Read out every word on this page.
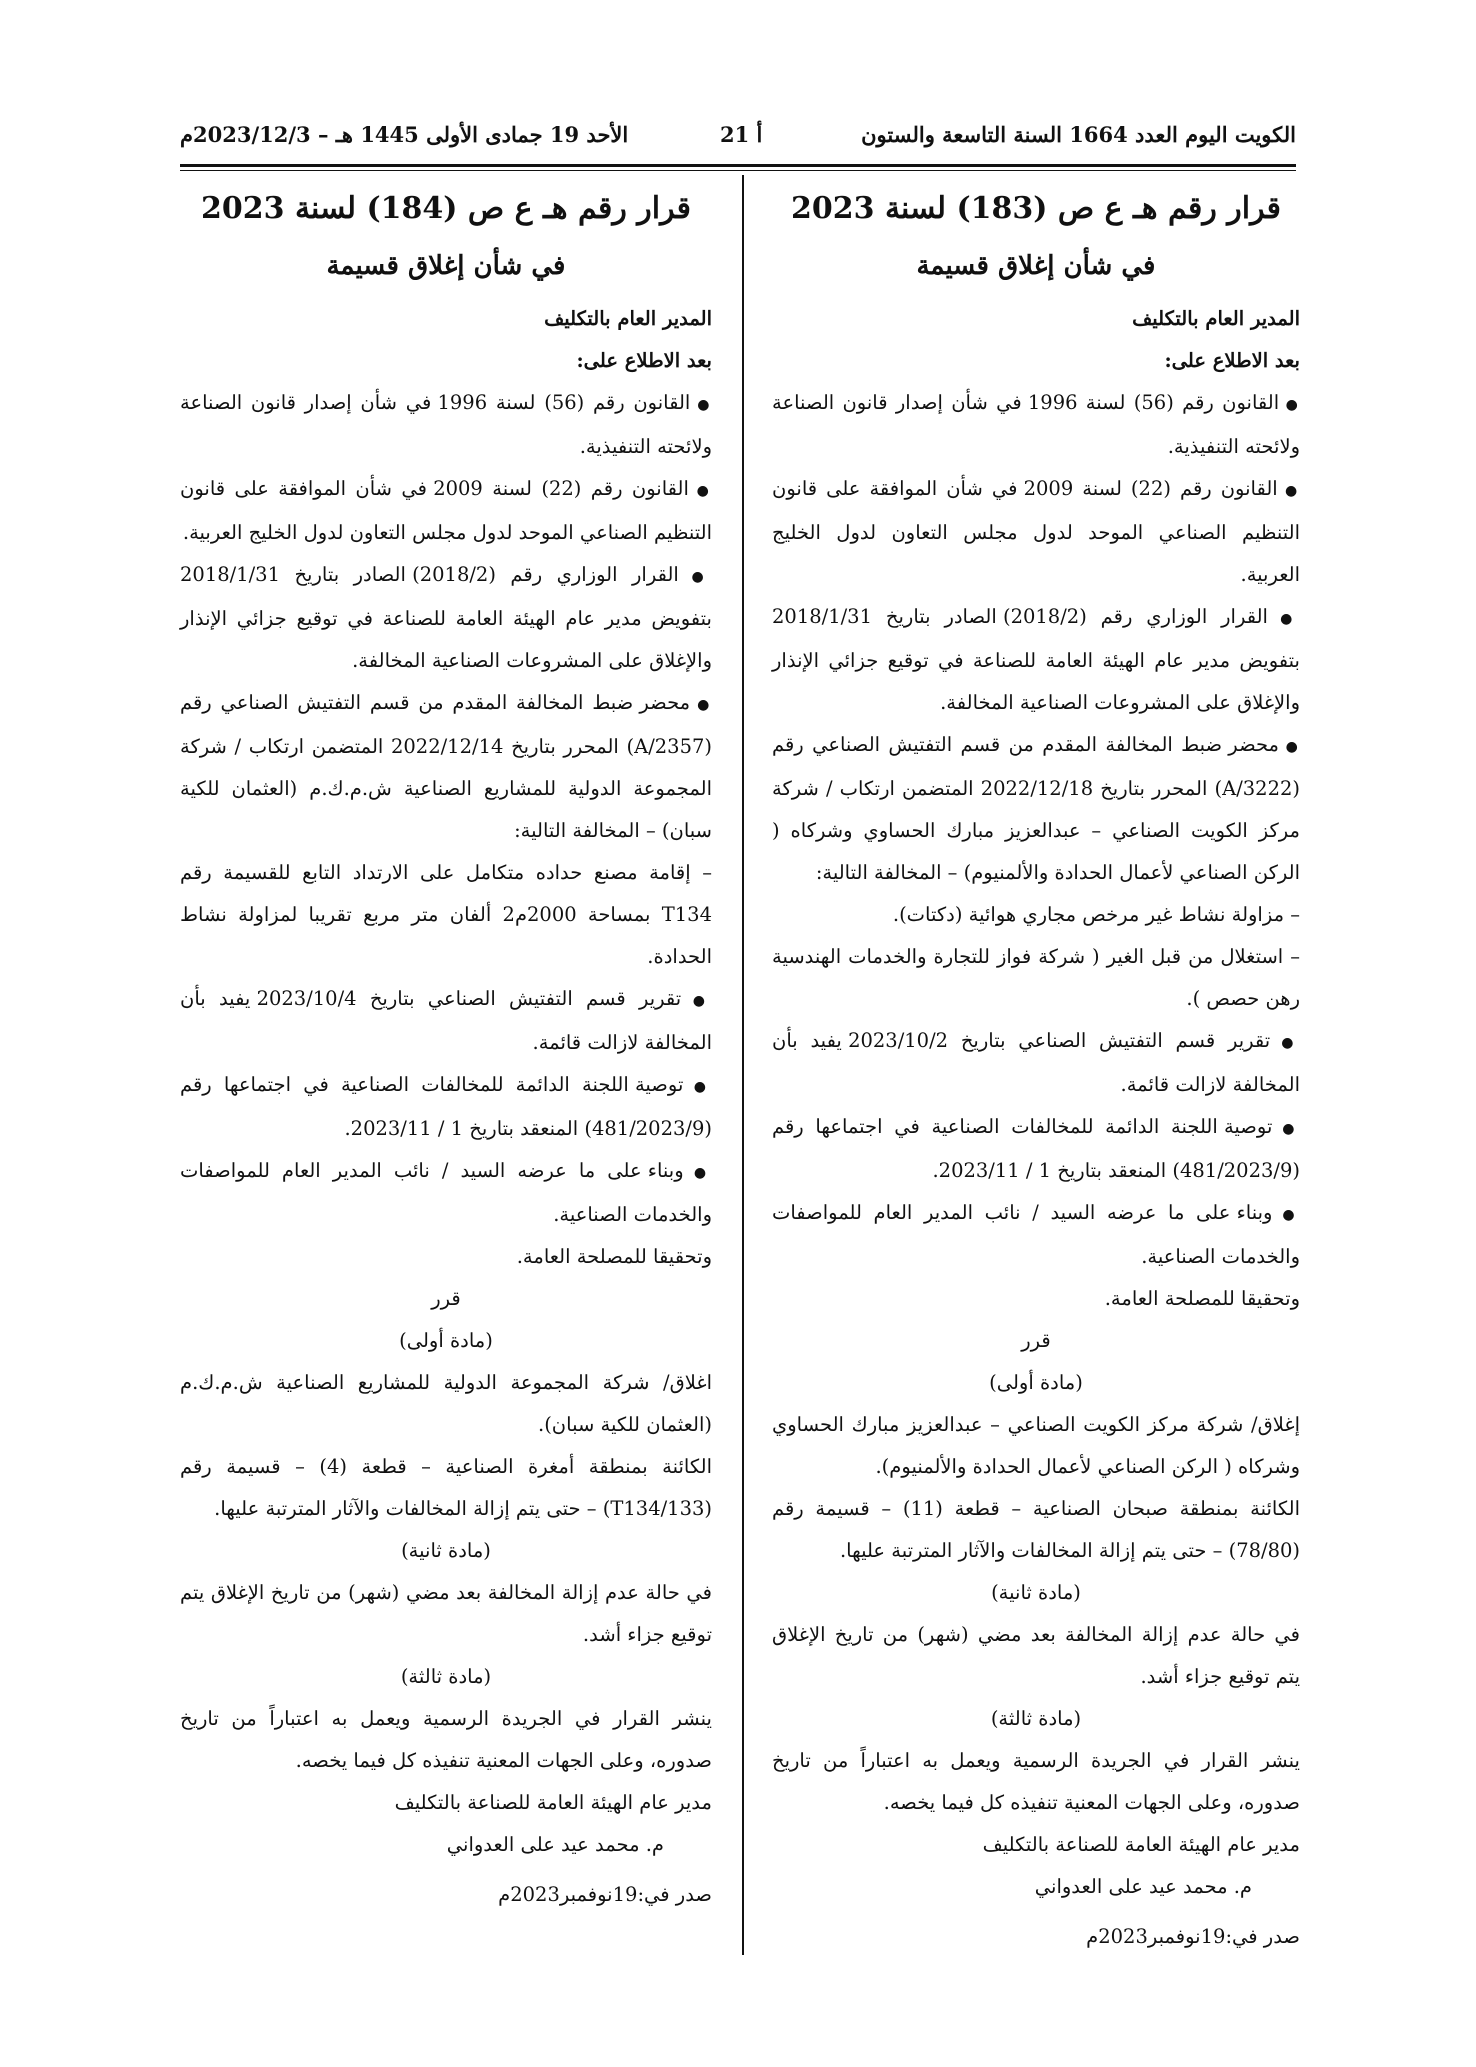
الكويت اليوم العدد 1664 السنة التاسعة والستون
أ 21
الأحد 19 جمادى الأولى 1445 هـ – 2023/12/3م

قرار رقم هـ ع ص (183) لسنة 2023

في شأن إغلاق قسيمة

المدير العام بالتكليف

بعد الاطلاع على:

● القانون رقم (56) لسنة 1996 في شأن إصدار قانون الصناعة ولائحته التنفيذية.

● القانون رقم (22) لسنة 2009 في شأن الموافقة على قانون التنظيم الصناعي الموحد لدول مجلس التعاون لدول الخليج العربية.

● القرار الوزاري رقم (2018/2) الصادر بتاريخ 2018/1/31 بتفويض مدير عام الهيئة العامة للصناعة في توقيع جزائي الإنذار والإغلاق على المشروعات الصناعية المخالفة.

● محضر ضبط المخالفة المقدم من قسم التفتيش الصناعي رقم (A/3222) المحرر بتاريخ 2022/12/18 المتضمن ارتكاب / شركة مركز الكويت الصناعي – عبدالعزيز مبارك الحساوي وشركاه ( الركن الصناعي لأعمال الحدادة والألمنيوم) – المخالفة التالية:

– مزاولة نشاط غير مرخص مجاري هوائية (دكتات).

– استغلال من قبل الغير ( شركة فواز للتجارة والخدمات الهندسية رهن حصص ).

● تقرير قسم التفتيش الصناعي بتاريخ 2023/10/2 يفيد بأن المخالفة لازالت قائمة.

● توصية اللجنة الدائمة للمخالفات الصناعية في اجتماعها رقم (481/2023/9) المنعقد بتاريخ 1 / 2023/11.

● وبناء على ما عرضه السيد / نائب المدير العام للمواصفات والخدمات الصناعية.

وتحقيقا للمصلحة العامة.

قرر

(مادة أولى)

إغلاق/ شركة مركز الكويت الصناعي – عبدالعزيز مبارك الحساوي وشركاه ( الركن الصناعي لأعمال الحدادة والألمنيوم).

الكائنة بمنطقة صبحان الصناعية – قطعة (11) – قسيمة رقم (78/80) – حتى يتم إزالة المخالفات والآثار المترتبة عليها.

(مادة ثانية)

في حالة عدم إزالة المخالفة بعد مضي (شهر) من تاريخ الإغلاق يتم توقيع جزاء أشد.

(مادة ثالثة)

ينشر القرار في الجريدة الرسمية ويعمل به اعتباراً من تاريخ صدوره، وعلى الجهات المعنية تنفيذه كل فيما يخصه.

مدير عام الهيئة العامة للصناعة بالتكليف

م. محمد عيد على العدواني

صدر في:19نوفمبر2023م

قرار رقم هـ ع ص (184) لسنة 2023

في شأن إغلاق قسيمة

المدير العام بالتكليف

بعد الاطلاع على:

● القانون رقم (56) لسنة 1996 في شأن إصدار قانون الصناعة ولائحته التنفيذية.

● القانون رقم (22) لسنة 2009 في شأن الموافقة على قانون التنظيم الصناعي الموحد لدول مجلس التعاون لدول الخليج العربية.

● القرار الوزاري رقم (2018/2) الصادر بتاريخ 2018/1/31 بتفويض مدير عام الهيئة العامة للصناعة في توقيع جزائي الإنذار والإغلاق على المشروعات الصناعية المخالفة.

● محضر ضبط المخالفة المقدم من قسم التفتيش الصناعي رقم (A/2357) المحرر بتاريخ 2022/12/14 المتضمن ارتكاب / شركة المجموعة الدولية للمشاريع الصناعية ش.م.ك.م (العثمان للكية سبان) – المخالفة التالية:

– إقامة مصنع حداده متكامل على الارتداد التابع للقسيمة رقم T134 بمساحة 2000م2 ألفان متر مربع تقريبا لمزاولة نشاط الحدادة.

● تقرير قسم التفتيش الصناعي بتاريخ 2023/10/4 يفيد بأن المخالفة لازالت قائمة.

● توصية اللجنة الدائمة للمخالفات الصناعية في اجتماعها رقم (481/2023/9) المنعقد بتاريخ 1 / 2023/11.

● وبناء على ما عرضه السيد / نائب المدير العام للمواصفات والخدمات الصناعية.

وتحقيقا للمصلحة العامة.

قرر

(مادة أولى)

اغلاق/ شركة المجموعة الدولية للمشاريع الصناعية ش.م.ك.م (العثمان للكية سبان).

الكائنة بمنطقة أمغرة الصناعية – قطعة (4) – قسيمة رقم (T134/133) – حتى يتم إزالة المخالفات والآثار المترتبة عليها.

(مادة ثانية)

في حالة عدم إزالة المخالفة بعد مضي (شهر) من تاريخ الإغلاق يتم توقيع جزاء أشد.

(مادة ثالثة)

ينشر القرار في الجريدة الرسمية ويعمل به اعتباراً من تاريخ صدوره، وعلى الجهات المعنية تنفيذه كل فيما يخصه.

مدير عام الهيئة العامة للصناعة بالتكليف

م. محمد عيد على العدواني

صدر في:19نوفمبر2023م
